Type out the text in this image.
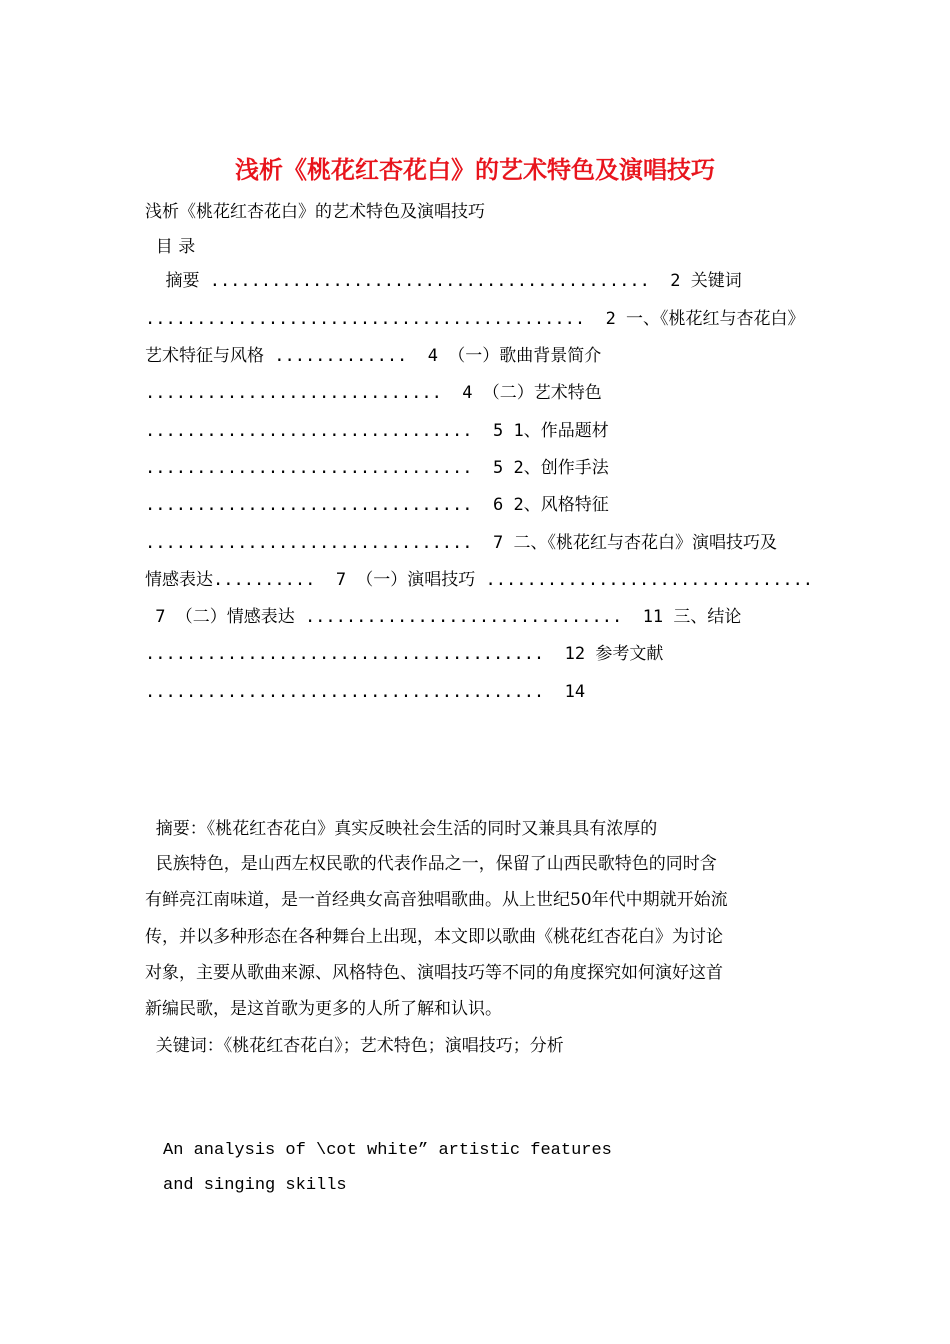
浅析《桃花红杏花白》的艺术特色及演唱技巧
浅析《桃花红杏花白》的艺术特色及演唱技巧
目 录
摘要 ...........................................  2 关键词
...........................................  2 一、《桃花红与杏花白》
艺术特征与风格 .............  4 （一）歌曲背景简介
.............................  4 （二）艺术特色
................................  5 1、作品题材
................................  5 2、创作手法
................................  6 2、风格特征
................................  7 二、《桃花红与杏花白》演唱技巧及
情感表达..........  7 （一）演唱技巧 ................................
7 （二）情感表达 ...............................  11 三、结论
.......................................  12 参考文献
.......................................  14
摘要：《桃花红杏花白》真实反映社会生活的同时又兼具具有浓厚的
民族特色，是山西左权民歌的代表作品之一，保留了山西民歌特色的同时含
有鲜亮江南味道，是一首经典女高音独唱歌曲。从上世纪50年代中期就开始流
传，并以多种形态在各种舞台上出现，本文即以歌曲《桃花红杏花白》为讨论
对象，主要从歌曲来源、风格特色、演唱技巧等不同的角度探究如何演好这首
新编民歌，是这首歌为更多的人所了解和认识。
关键词：《桃花红杏花白》；艺术特色；演唱技巧；分析
An analysis of \cot white” artistic features
and singing skills
